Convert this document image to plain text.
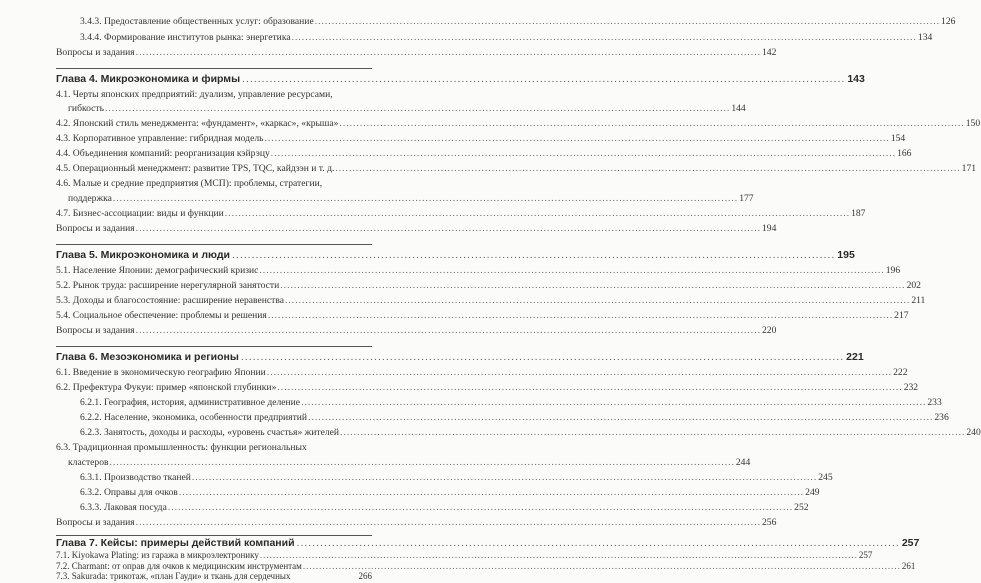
3.4.3. Предоставление общественных услуг: образование .....	126
3.4.4. Формирование институтов рынка: энергетика .....	134
Вопросы и задания .....	142
Глава 4. Микроэкономика и фирмы .....	143
4.1. Черты японских предприятий: дуализм, управление ресурсами,
гибкость .....	144
4.2. Японский стиль менеджмента: «фундамент», «каркас», «крыша» .....	150
4.3. Корпоративное управление: гибридная модель .....	154
4.4. Объединения компаний: реорганизация кэйрэцу .....	166
4.5. Операционный менеджмент: развитие TPS, TQC, кайдзэн и т. д. .....	171
4.6. Малые и средние предприятия (МСП): проблемы, стратегии,
поддержка .....	177
4.7. Бизнес-ассоциации: виды и функции .....	187
Вопросы и задания .....	194
Глава 5. Микроэкономика и люди .....	195
5.1. Население Японии: демографический кризис .....	196
5.2. Рынок труда: расширение нерегулярной занятости .....	202
5.3. Доходы и благосостояние: расширение неравенства .....	211
5.4. Социальное обеспечение: проблемы и решения .....	217
Вопросы и задания .....	220
Глава 6. Мезоэкономика и регионы .....	221
6.1. Введение в экономическую географию Японии .....	222
6.2. Префектура Фукуи: пример «японской глубинки» .....	232
6.2.1. География, история, административное деление .....	233
6.2.2. Население, экономика, особенности предприятий .....	236
6.2.3. Занятость, доходы и расходы, «уровень счастья» жителей .....	240
6.3. Традиционная промышленность: функции региональных
кластеров .....	244
6.3.1. Производство тканей .....	245
6.3.2. Оправы для очков .....	249
6.3.3. Лаковая посуда .....	252
Вопросы и задания .....	256
Глава 7. Кейсы: примеры действий компаний .....	257
7.1. Kiyokawa Plating: из гаража в микроэлектронику .....	257
7.2. Charmant: от оправ для очков к медицинским инструментам .....	261
7.3. Sakurada: трикотаж, «план Гауди» и ткань для сердечных	266
